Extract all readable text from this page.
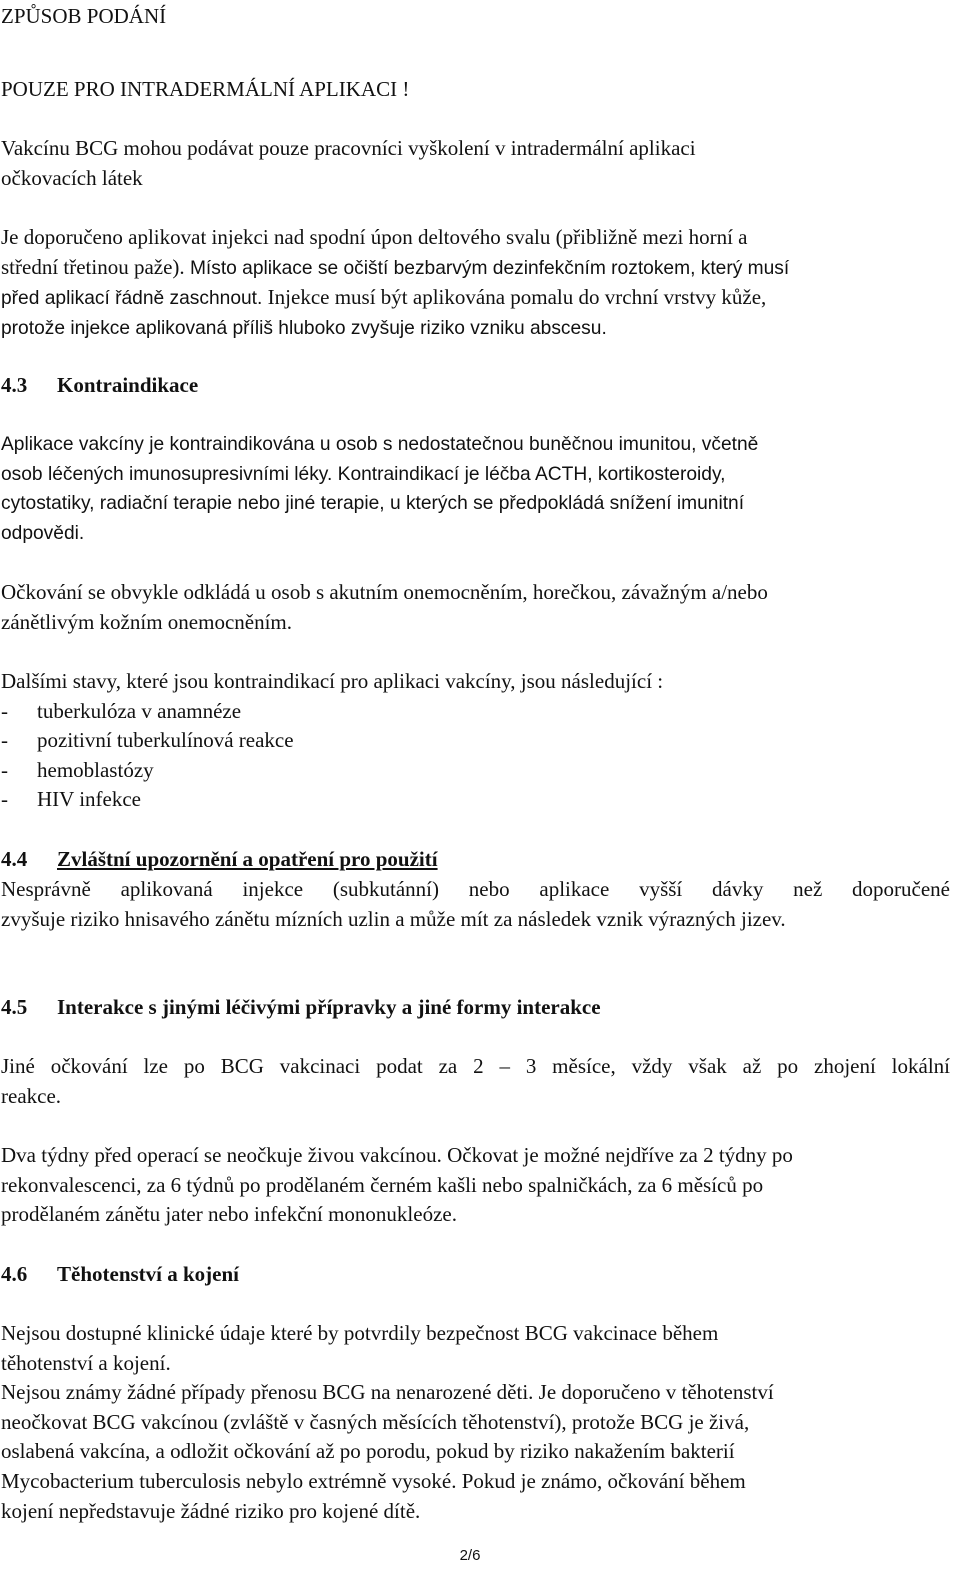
ZPŮSOB PODÁNÍ
POUZE PRO INTRADERMÁLNÍ APLIKACI !
Vakcínu BCG mohou podávat pouze pracovníci vyškolení v intradermální aplikaci
očkovacích látek
Je doporučeno aplikovat injekci nad spodní úpon deltového svalu (přibližně mezi horní a
střední třetinou paže). Místo aplikace se očiští bezbarvým dezinfekčním roztokem, který musí
před aplikací řádně zaschnout. Injekce musí být aplikována pomalu do vrchní vrstvy kůže,
protože injekce aplikovaná příliš hluboko zvyšuje riziko vzniku abscesu.
4.3 Kontraindikace
Aplikace vakcíny je kontraindikována u osob s nedostatečnou buněčnou imunitou, včetně
osob léčených imunosupresivními léky. Kontraindikací je léčba ACTH, kortikosteroidy,
cytostatiky, radiační terapie nebo jiné terapie, u kterých se předpokládá snížení imunitní
odpovědi.
Očkování se obvykle odkládá u osob s akutním onemocněním, horečkou, závažným a/nebo
zánětlivým kožním onemocněním.
Dalšími stavy, které jsou kontraindikací pro aplikaci vakcíny, jsou následující :
- tuberkulóza v anamnéze
- pozitivní tuberkulínová reakce
- hemoblastózy
- HIV infekce
4.4 Zvláštní upozornění a opatření pro použití
Nesprávně aplikovaná injekce (subkutánní) nebo aplikace vyšší dávky než doporučené
zvyšuje riziko hnisavého zánětu mízních uzlin a může mít za následek vznik výrazných jizev.
4.5 Interakce s jinými léčivými přípravky a jiné formy interakce
Jiné očkování lze po BCG vakcinaci podat za 2 – 3 měsíce, vždy však až po zhojení lokální
reakce.
Dva týdny před operací se neočkuje živou vakcínou. Očkovat je možné nejdříve za 2 týdny po
rekonvalescenci, za 6 týdnů po prodělaném černém kašli nebo spalničkách, za 6 měsíců po
prodělaném zánětu jater nebo infekční mononukleóze.
4.6 Těhotenství a kojení
Nejsou dostupné klinické údaje které by potvrdily bezpečnost BCG vakcinace během
těhotenství a kojení.
Nejsou známy žádné případy přenosu BCG na nenarozené děti. Je doporučeno v těhotenství
neočkovat BCG vakcínou (zvláště v časných měsících těhotenství), protože BCG je živá,
oslabená vakcína, a odložit očkování až po porodu, pokud by riziko nakažením bakterií
Mycobacterium tuberculosis nebylo extrémně vysoké. Pokud je známo, očkování během
kojení nepředstavuje žádné riziko pro kojené dítě.
2/6
